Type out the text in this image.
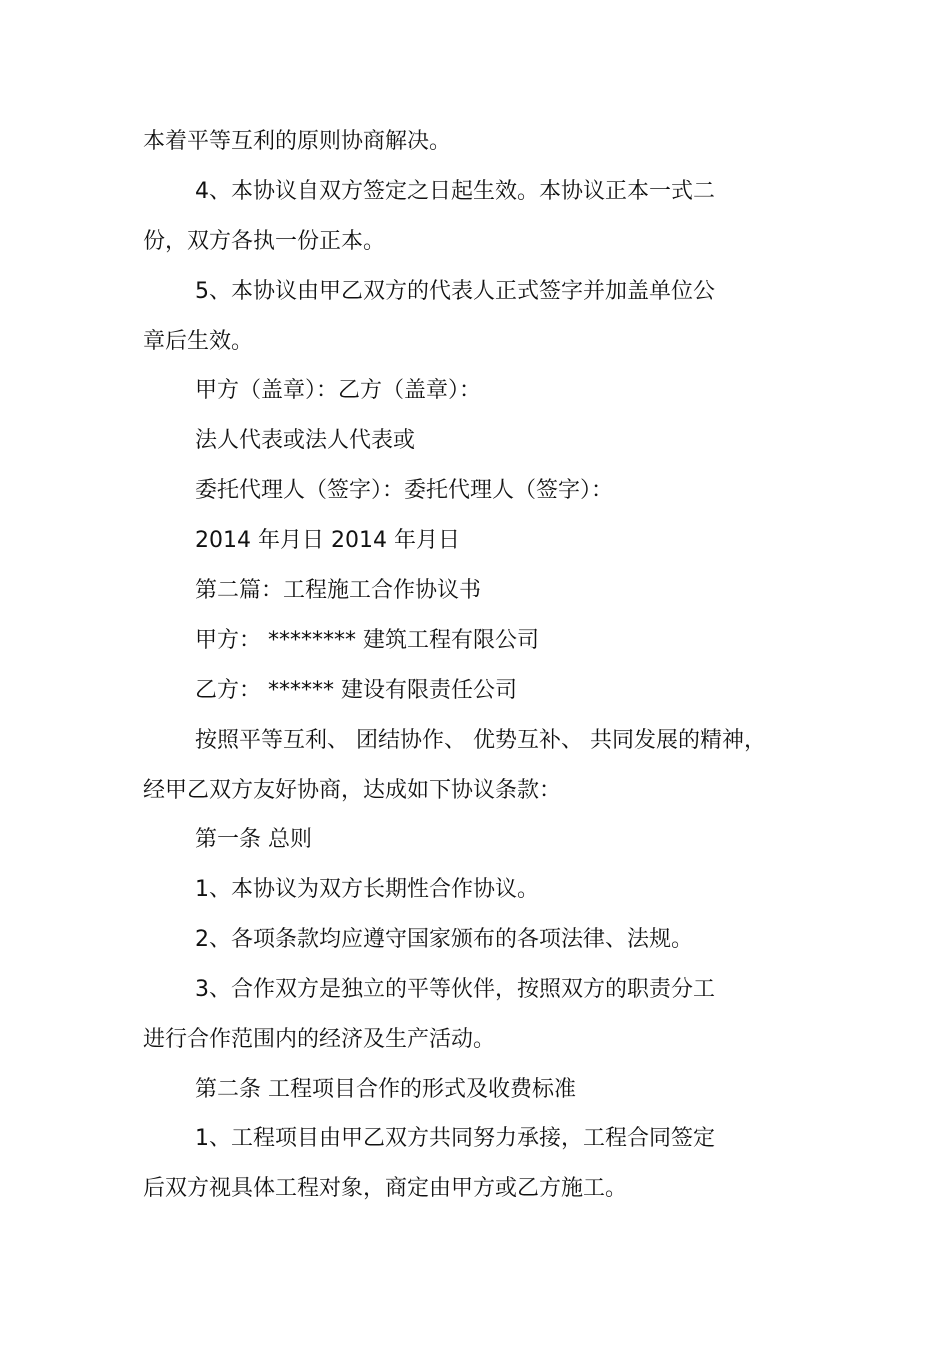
本着平等互利的原则协商解决。
4、本协议自双方签定之日起生效。本协议正本一式二
份，双方各执一份正本。
5、本协议由甲乙双方的代表人正式签字并加盖单位公
章后生效。
甲方（盖章）：乙方（盖章）：
法人代表或法人代表或
委托代理人（签字）：委托代理人（签字）：
2014 年月日 2014 年月日
第二篇：工程施工合作协议书
甲方： ******** 建筑工程有限公司
乙方： ****** 建设有限责任公司
按照平等互利、 团结协作、 优势互补、 共同发展的精神，
经甲乙双方友好协商，达成如下协议条款：
第一条 总则
1、本协议为双方长期性合作协议。
2、各项条款均应遵守国家颁布的各项法律、法规。
3、合作双方是独立的平等伙伴，按照双方的职责分工
进行合作范围内的经济及生产活动。
第二条 工程项目合作的形式及收费标准
1、工程项目由甲乙双方共同努力承接，工程合同签定
后双方视具体工程对象，商定由甲方或乙方施工。
